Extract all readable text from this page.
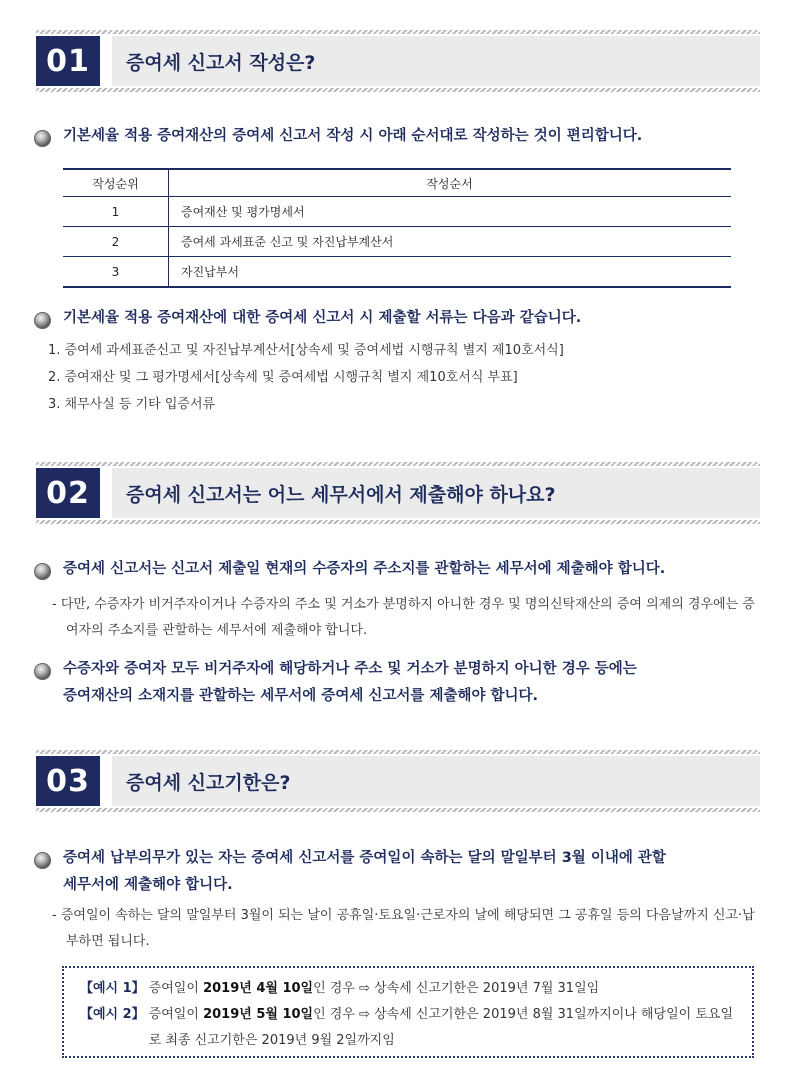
01	증여세 신고서 작성은?
기본세율 적용 증여재산의 증여세 신고서 작성 시 아래 순서대로 작성하는 것이 편리합니다.
작성순위	작성순서
1	증여재산 및 평가명세서
2	증여세 과세표준 신고 및 자진납부계산서
3	자진납부서
기본세율 적용 증여재산에 대한 증여세 신고서 시 제출할 서류는 다음과 같습니다.
1. 증여세 과세표준신고 및 자진납부계산서[상속세 및 증여세법 시행규칙 별지 제10호서식]
2. 증여재산 및 그 평가명세서[상속세 및 증여세법 시행규칙 별지 제10호서식 부표]
3. 채무사실 등 기타 입증서류
02	증여세 신고서는 어느 세무서에서 제출해야 하나요?
증여세 신고서는 신고서 제출일 현재의 수증자의 주소지를 관할하는 세무서에 제출해야 합니다.
- 다만, 수증자가 비거주자이거나 수증자의 주소 및 거소가 분명하지 아니한 경우 및 명의신탁재산의 증여 의제의 경우에는 증여자의 주소지를 관할하는 세무서에 제출해야 합니다.
수증자와 증여자 모두 비거주자에 해당하거나 주소 및 거소가 분명하지 아니한 경우 등에는
증여재산의 소재지를 관할하는 세무서에 증여세 신고서를 제출해야 합니다.
03	증여세 신고기한은?
증여세 납부의무가 있는 자는 증여세 신고서를 증여일이 속하는 달의 말일부터 3월 이내에 관할
세무서에 제출해야 합니다.
- 증여일이 속하는 달의 말일부터 3월이 되는 날이 공휴일·토요일·근로자의 날에 해당되면 그 공휴일 등의 다음날까지 신고·납부하면 됩니다.
【예시 1】 증여일이 2019년 4월 10일인 경우 ⇨ 상속세 신고기한은 2019년 7월 31일임
【예시 2】 증여일이 2019년 5월 10일인 경우 ⇨ 상속세 신고기한은 2019년 8월 31일까지이나 해당일이 토요일로 최종 신고기한은 2019년 9월 2일까지임
